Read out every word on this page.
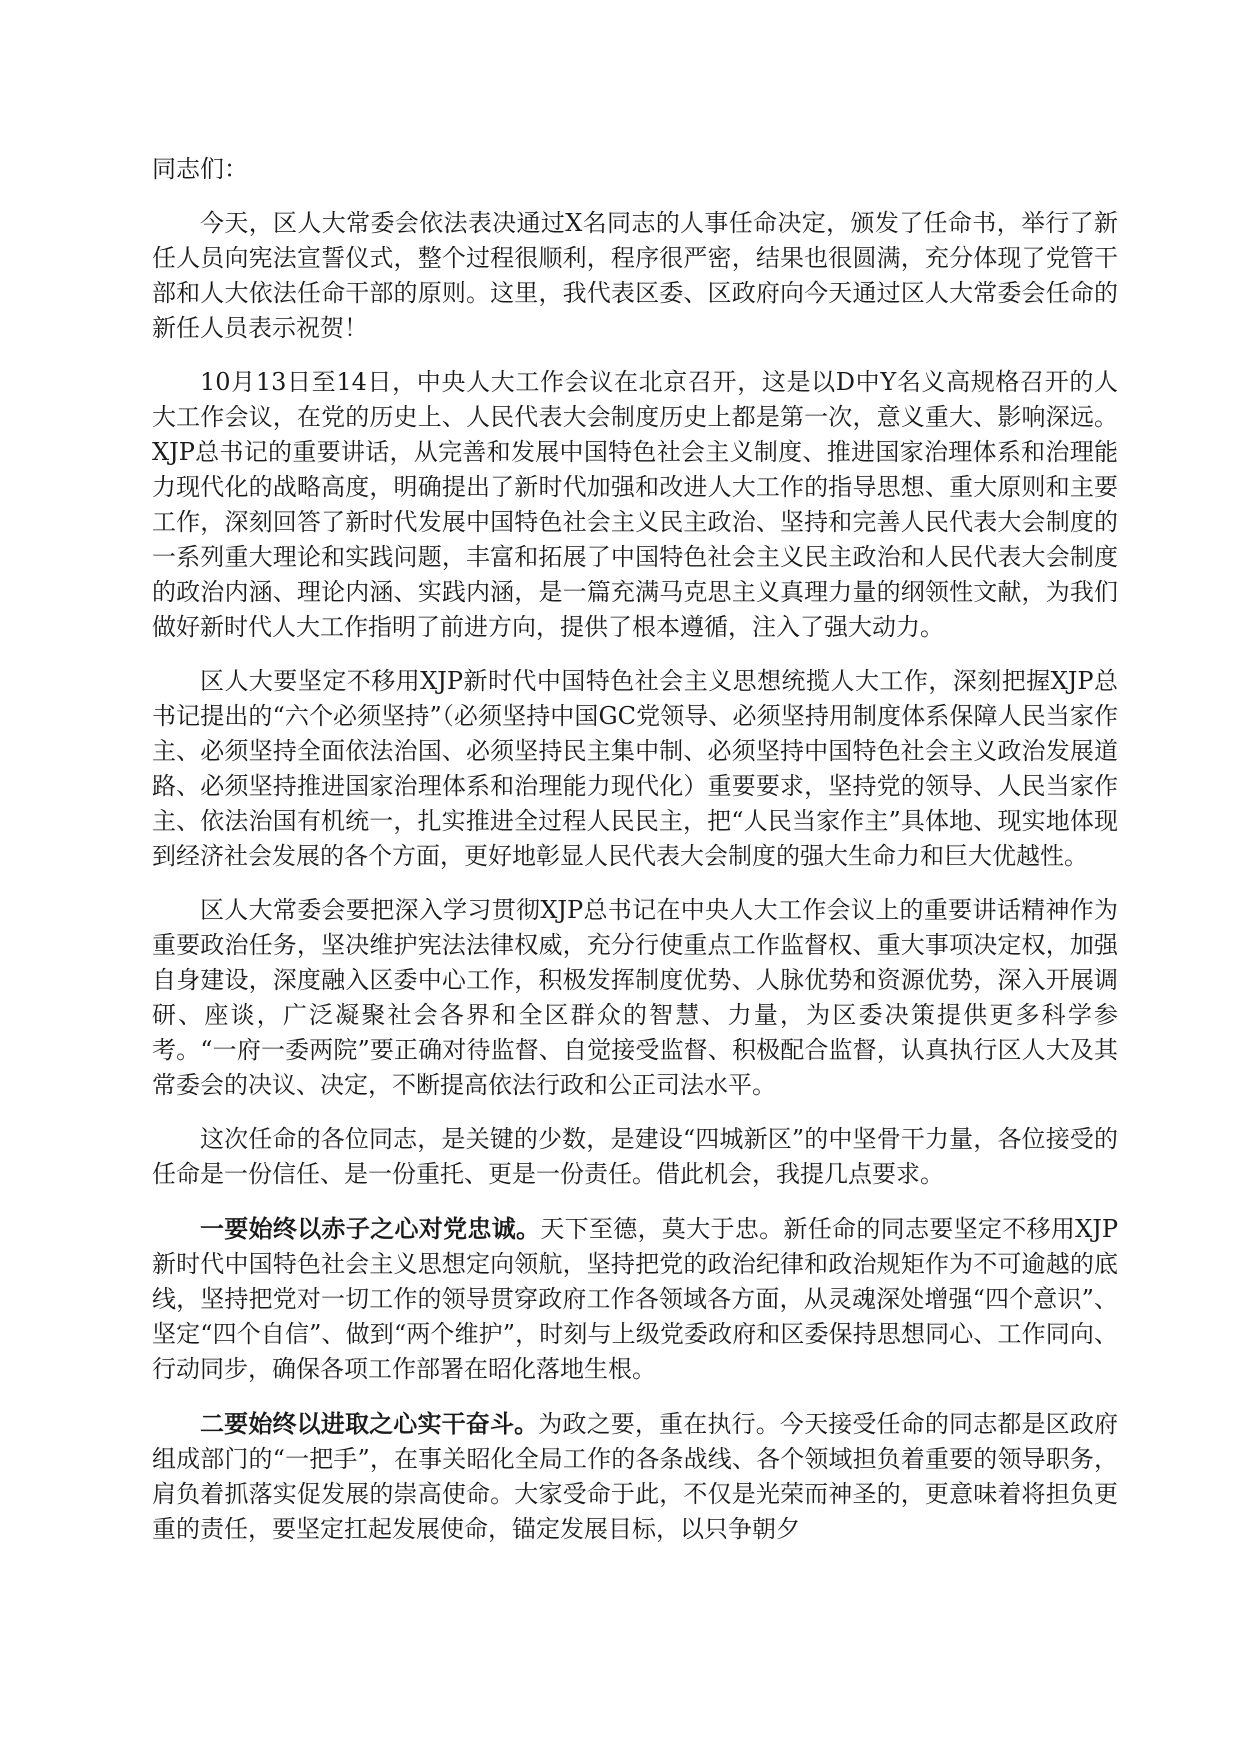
同志们：

今天，区人大常委会依法表决通过X名同志的人事任命决定，颁发了任命书，举行了新任人员向宪法宣誓仪式，整个过程很顺利，程序很严密，结果也很圆满，充分体现了党管干部和人大依法任命干部的原则。这里，我代表区委、区政府向今天通过区人大常委会任命的新任人员表示祝贺！

10月13日至14日，中央人大工作会议在北京召开，这是以D中Y名义高规格召开的人大工作会议，在党的历史上、人民代表大会制度历史上都是第一次，意义重大、影响深远。XJP总书记的重要讲话，从完善和发展中国特色社会主义制度、推进国家治理体系和治理能力现代化的战略高度，明确提出了新时代加强和改进人大工作的指导思想、重大原则和主要工作，深刻回答了新时代发展中国特色社会主义民主政治、坚持和完善人民代表大会制度的一系列重大理论和实践问题，丰富和拓展了中国特色社会主义民主政治和人民代表大会制度的政治内涵、理论内涵、实践内涵，是一篇充满马克思主义真理力量的纲领性文献，为我们做好新时代人大工作指明了前进方向，提供了根本遵循，注入了强大动力。

区人大要坚定不移用XJP新时代中国特色社会主义思想统揽人大工作，深刻把握XJP总书记提出的“六个必须坚持”（必须坚持中国GC党领导、必须坚持用制度体系保障人民当家作主、必须坚持全面依法治国、必须坚持民主集中制、必须坚持中国特色社会主义政治发展道路、必须坚持推进国家治理体系和治理能力现代化）重要要求，坚持党的领导、人民当家作主、依法治国有机统一，扎实推进全过程人民民主，把“人民当家作主”具体地、现实地体现到经济社会发展的各个方面，更好地彰显人民代表大会制度的强大生命力和巨大优越性。

区人大常委会要把深入学习贯彻XJP总书记在中央人大工作会议上的重要讲话精神作为重要政治任务，坚决维护宪法法律权威，充分行使重点工作监督权、重大事项决定权，加强自身建设，深度融入区委中心工作，积极发挥制度优势、人脉优势和资源优势，深入开展调研、座谈，广泛凝聚社会各界和全区群众的智慧、力量，为区委决策提供更多科学参考。“一府一委两院”要正确对待监督、自觉接受监督、积极配合监督，认真执行区人大及其常委会的决议、决定，不断提高依法行政和公正司法水平。

这次任命的各位同志，是关键的少数，是建设“四城新区”的中坚骨干力量，各位接受的任命是一份信任、是一份重托、更是一份责任。借此机会，我提几点要求。

一要始终以赤子之心对党忠诚。天下至德，莫大于忠。新任命的同志要坚定不移用XJP新时代中国特色社会主义思想定向领航，坚持把党的政治纪律和政治规矩作为不可逾越的底线，坚持把党对一切工作的领导贯穿政府工作各领域各方面，从灵魂深处增强“四个意识”、坚定“四个自信”、做到“两个维护”，时刻与上级党委政府和区委保持思想同心、工作同向、行动同步，确保各项工作部署在昭化落地生根。

二要始终以进取之心实干奋斗。为政之要，重在执行。今天接受任命的同志都是区政府组成部门的“一把手”，在事关昭化全局工作的各条战线、各个领域担负着重要的领导职务，肩负着抓落实促发展的崇高使命。大家受命于此，不仅是光荣而神圣的，更意味着将担负更重的责任，要坚定扛起发展使命，锚定发展目标，以只争朝夕
